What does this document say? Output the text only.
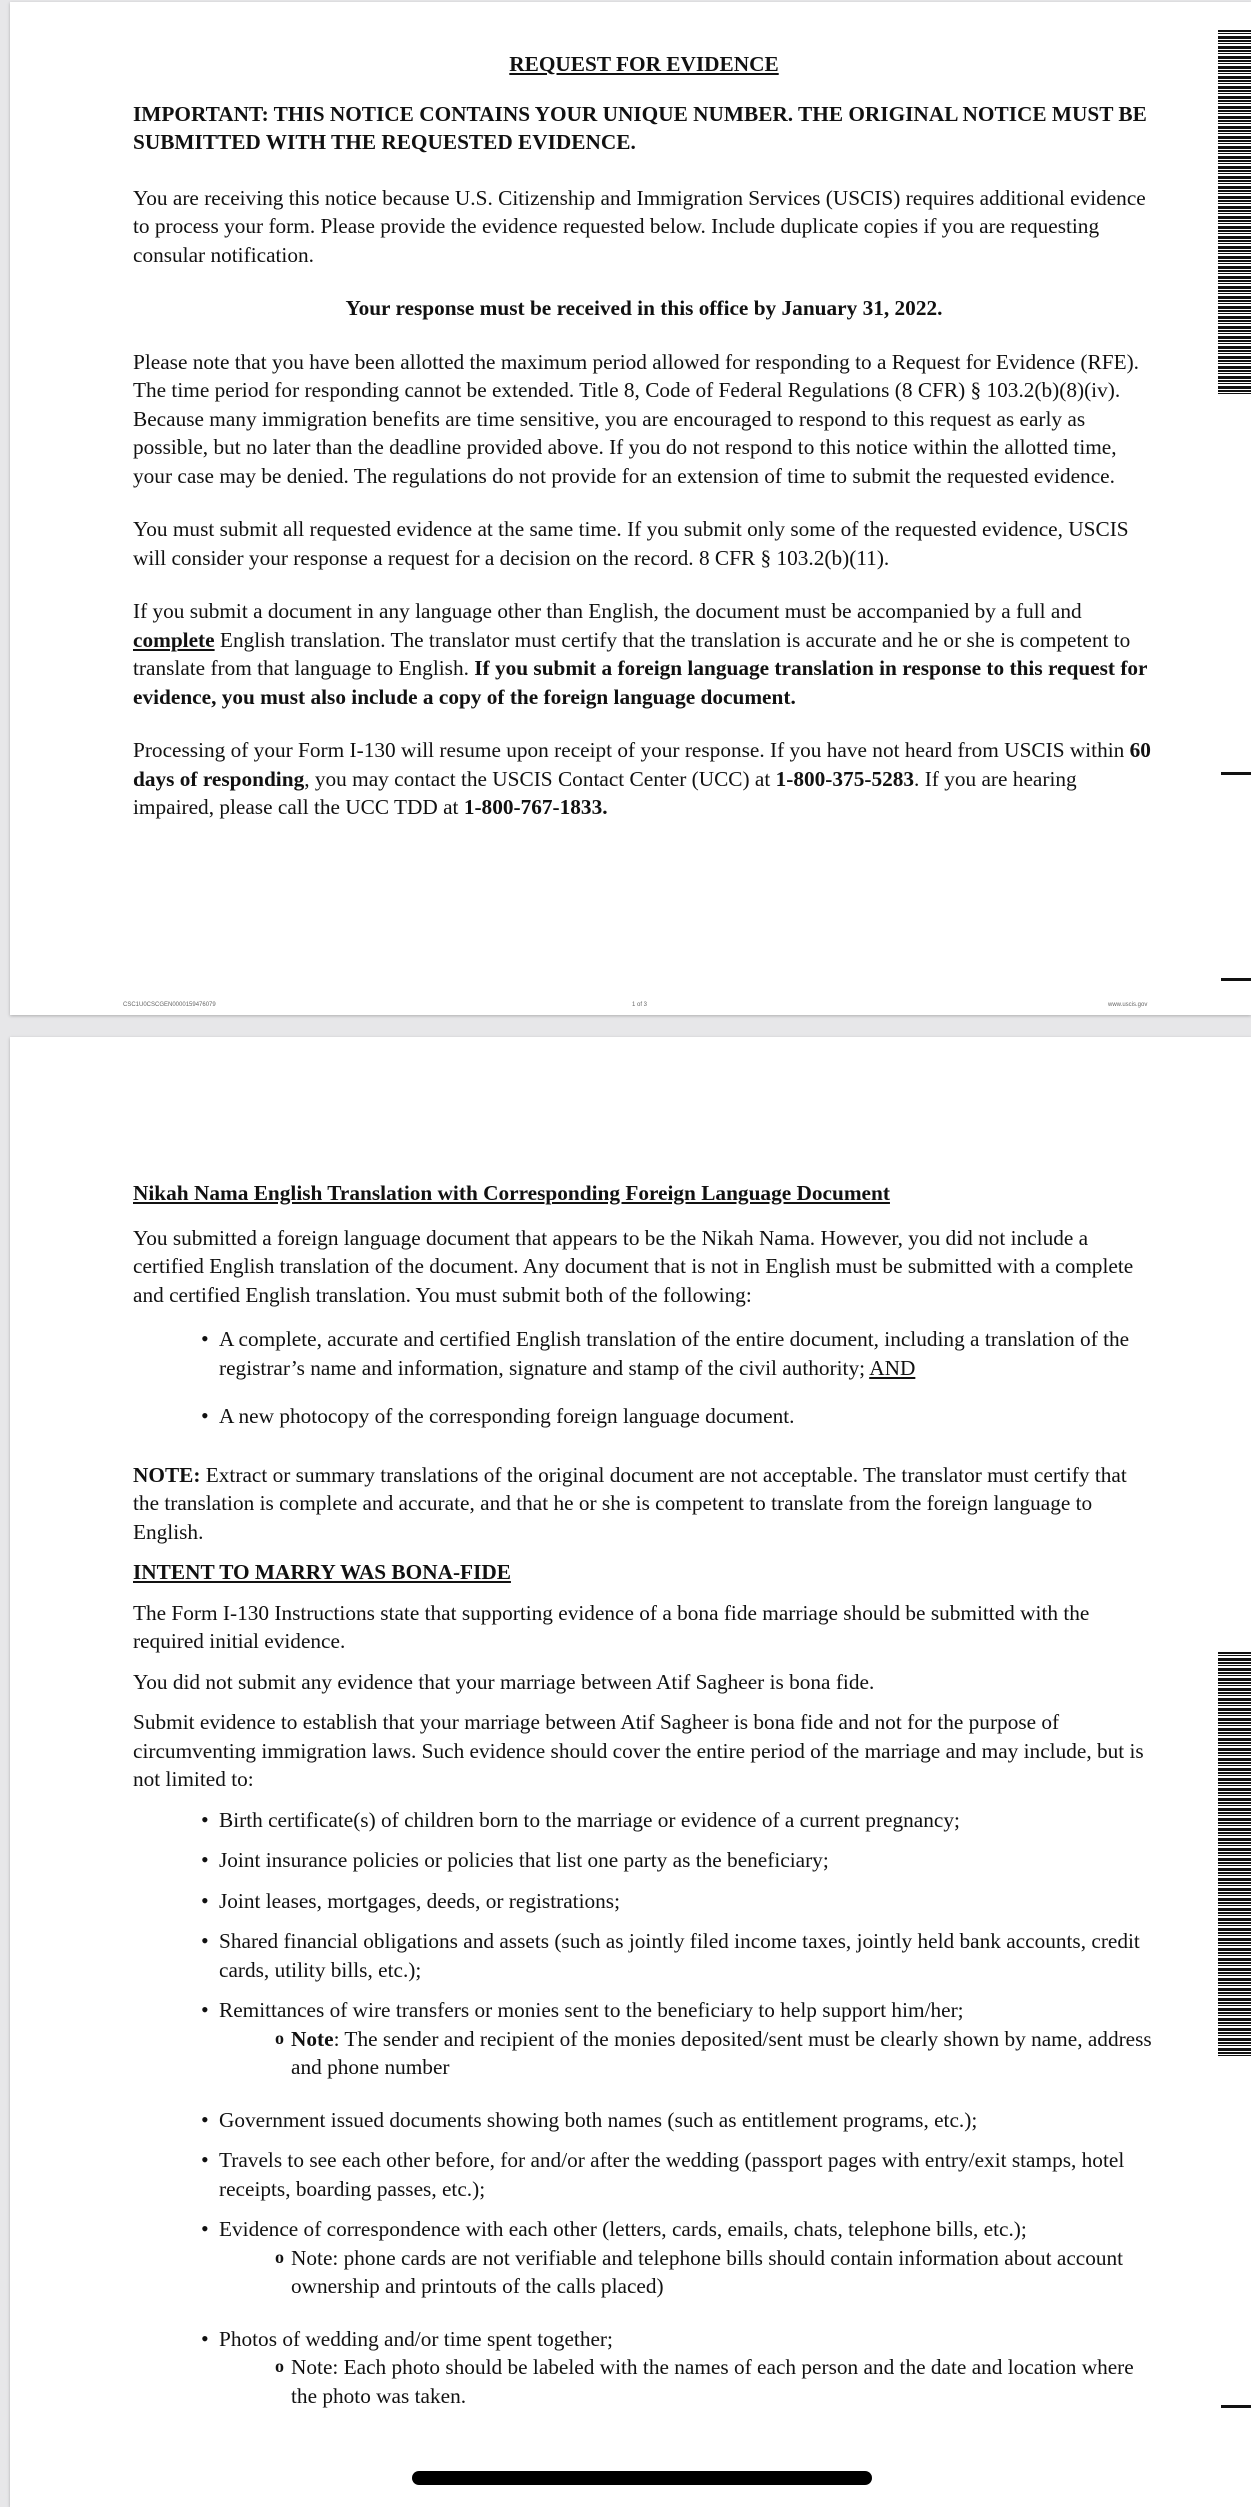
REQUEST FOR EVIDENCE

IMPORTANT: THIS NOTICE CONTAINS YOUR UNIQUE NUMBER. THE ORIGINAL NOTICE MUST BE SUBMITTED WITH THE REQUESTED EVIDENCE.

You are receiving this notice because U.S. Citizenship and Immigration Services (USCIS) requires additional evidence to process your form. Please provide the evidence requested below. Include duplicate copies if you are requesting consular notification.

Your response must be received in this office by January 31, 2022.

Please note that you have been allotted the maximum period allowed for responding to a Request for Evidence (RFE). The time period for responding cannot be extended. Title 8, Code of Federal Regulations (8 CFR) § 103.2(b)(8)(iv). Because many immigration benefits are time sensitive, you are encouraged to respond to this request as early as possible, but no later than the deadline provided above. If you do not respond to this notice within the allotted time, your case may be denied. The regulations do not provide for an extension of time to submit the requested evidence.

You must submit all requested evidence at the same time. If you submit only some of the requested evidence, USCIS will consider your response a request for a decision on the record. 8 CFR § 103.2(b)(11).

If you submit a document in any language other than English, the document must be accompanied by a full and complete English translation. The translator must certify that the translation is accurate and he or she is competent to translate from that language to English. If you submit a foreign language translation in response to this request for evidence, you must also include a copy of the foreign language document.

Processing of your Form I-130 will resume upon receipt of your response. If you have not heard from USCIS within 60 days of responding, you may contact the USCIS Contact Center (UCC) at 1-800-375-5283. If you are hearing impaired, please call the UCC TDD at 1-800-767-1833.

CSC1U0CSCGEN0000159476079	1 of 3	www.uscis.gov

Nikah Nama English Translation with Corresponding Foreign Language Document

You submitted a foreign language document that appears to be the Nikah Nama. However, you did not include a certified English translation of the document. Any document that is not in English must be submitted with a complete and certified English translation. You must submit both of the following:

• A complete, accurate and certified English translation of the entire document, including a translation of the registrar’s name and information, signature and stamp of the civil authority; AND

• A new photocopy of the corresponding foreign language document.

NOTE: Extract or summary translations of the original document are not acceptable. The translator must certify that the translation is complete and accurate, and that he or she is competent to translate from the foreign language to English.

INTENT TO MARRY WAS BONA-FIDE

The Form I-130 Instructions state that supporting evidence of a bona fide marriage should be submitted with the required initial evidence.

You did not submit any evidence that your marriage between Atif Sagheer is bona fide.

Submit evidence to establish that your marriage between Atif Sagheer is bona fide and not for the purpose of circumventing immigration laws. Such evidence should cover the entire period of the marriage and may include, but is not limited to:

• Birth certificate(s) of children born to the marriage or evidence of a current pregnancy;

• Joint insurance policies or policies that list one party as the beneficiary;

• Joint leases, mortgages, deeds, or registrations;

• Shared financial obligations and assets (such as jointly filed income taxes, jointly held bank accounts, credit cards, utility bills, etc.);

• Remittances of wire transfers or monies sent to the beneficiary to help support him/her;

o Note: The sender and recipient of the monies deposited/sent must be clearly shown by name, address and phone number

• Government issued documents showing both names (such as entitlement programs, etc.);

• Travels to see each other before, for and/or after the wedding (passport pages with entry/exit stamps, hotel receipts, boarding passes, etc.);

• Evidence of correspondence with each other (letters, cards, emails, chats, telephone bills, etc.);

o Note: phone cards are not verifiable and telephone bills should contain information about account ownership and printouts of the calls placed)

• Photos of wedding and/or time spent together;

o Note: Each photo should be labeled with the names of each person and the date and location where the photo was taken.
